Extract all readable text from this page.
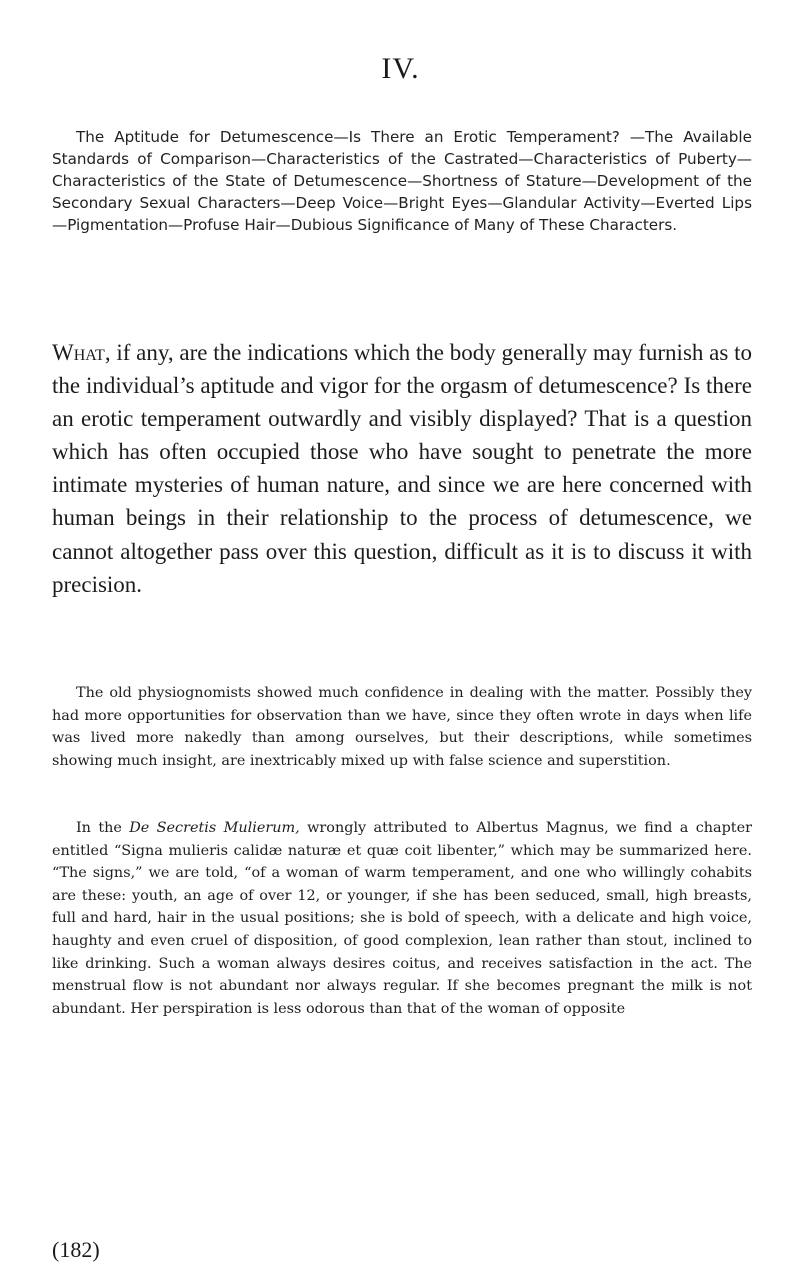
IV.

The Aptitude for Detumescence—Is There an Erotic Temperament? —The Available Standards of Comparison—Characteristics of the Castrated—Characteristics of Puberty—Characteristics of the State of Detumescence—Shortness of Stature—Development of the Secondary Sexual Characters—Deep Voice—Bright Eyes—Glandular Activity—Everted Lips—Pigmentation—Profuse Hair—Dubious Significance of Many of These Characters.

What, if any, are the indications which the body generally may furnish as to the individual’s aptitude and vigor for the orgasm of detumescence? Is there an erotic temperament outwardly and visibly displayed? That is a question which has often occupied those who have sought to penetrate the more intimate mysteries of human nature, and since we are here concerned with human beings in their relationship to the process of detumescence, we cannot altogether pass over this question, difficult as it is to discuss it with precision.

The old physiognomists showed much confidence in dealing with the matter. Possibly they had more opportunities for observation than we have, since they often wrote in days when life was lived more nakedly than among ourselves, but their descriptions, while sometimes showing much insight, are inextricably mixed up with false science and superstition.

In the De Secretis Mulierum, wrongly attributed to Albertus Magnus, we find a chapter entitled “Signa mulieris calidæ naturæ et quæ coit libenter,” which may be summarized here. “The signs,” we are told, “of a woman of warm temperament, and one who willingly cohabits are these: youth, an age of over 12, or younger, if she has been seduced, small, high breasts, full and hard, hair in the usual positions; she is bold of speech, with a delicate and high voice, haughty and even cruel of disposition, of good complexion, lean rather than stout, inclined to like drinking. Such a woman always desires coitus, and receives satisfaction in the act. The menstrual flow is not abundant nor always regular. If she becomes pregnant the milk is not abundant. Her perspiration is less odorous than that of the woman of opposite

(182)
